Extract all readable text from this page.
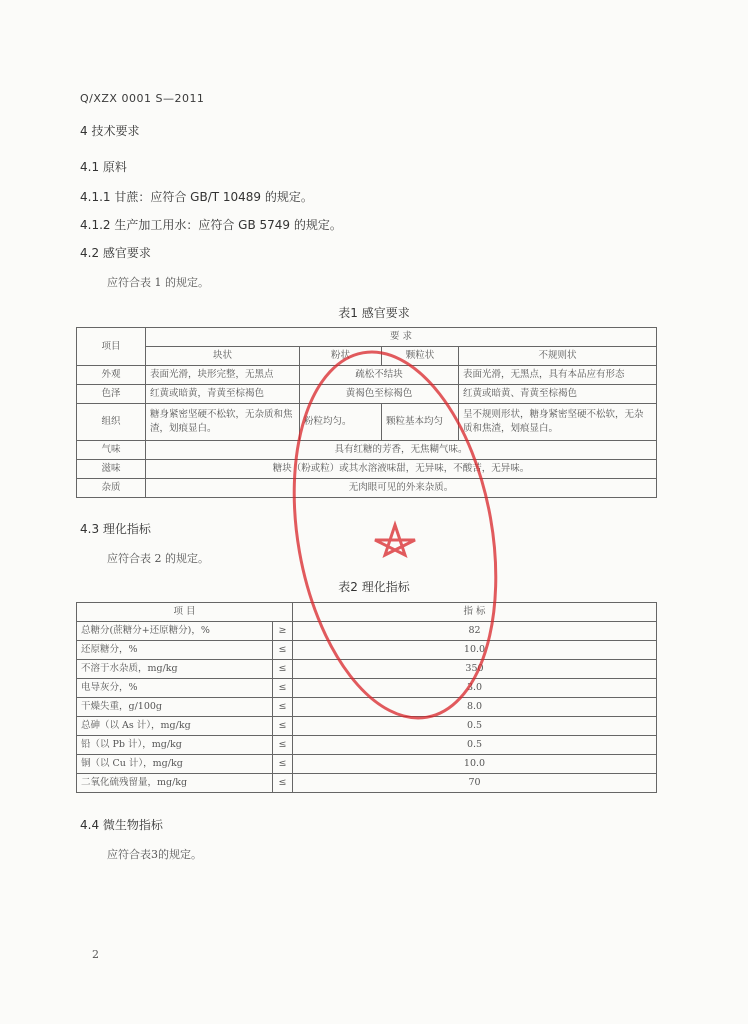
Q/XZX 0001 S—2011
4 技术要求
4.1 原料
4.1.1 甘蔗：应符合 GB/T 10489 的规定。
4.1.2 生产加工用水：应符合 GB 5749 的规定。
4.2 感官要求
应符合表 1 的规定。
表1 感官要求
项目	要 求			
	块状	粉状	颗粒状	不规则状
外观	表面光滑，块形完整，无黑点	疏松不结块		表面光滑，无黑点，具有本品应有形态
色泽	红黄或暗黄，青黄至棕褐色	黄褐色至棕褐色		红黄或暗黄、青黄至棕褐色
组织	糖身紧密坚硬不松软，无杂质和焦渣，划痕显白。	粉粒均匀。	颗粒基本均匀	呈不规则形状，糖身紧密坚硬不松软，无杂质和焦渣，划痕显白。
气味	具有红糖的芳香，无焦糊气味。			
滋味	糖块（粉或粒）或其水溶液味甜，无异味，不酸苦，无异味。			
杂质	无肉眼可见的外来杂质。			
4.3 理化指标
应符合表 2 的规定。
表2 理化指标
项 目		指 标
总糖分(蔗糖分+还原糖分)，%	≥	82
还原糖分，%	≤	10.0
不溶于水杂质，mg/kg	≤	350
电导灰分，%	≤	3.0
干燥失重，g/100g	≤	8.0
总砷（以 As 计），mg/kg	≤	0.5
铅（以 Pb 计），mg/kg	≤	0.5
铜（以 Cu 计），mg/kg	≤	10.0
二氧化硫残留量，mg/kg	≤	70
4.4 微生物指标
应符合表3的规定。
2
